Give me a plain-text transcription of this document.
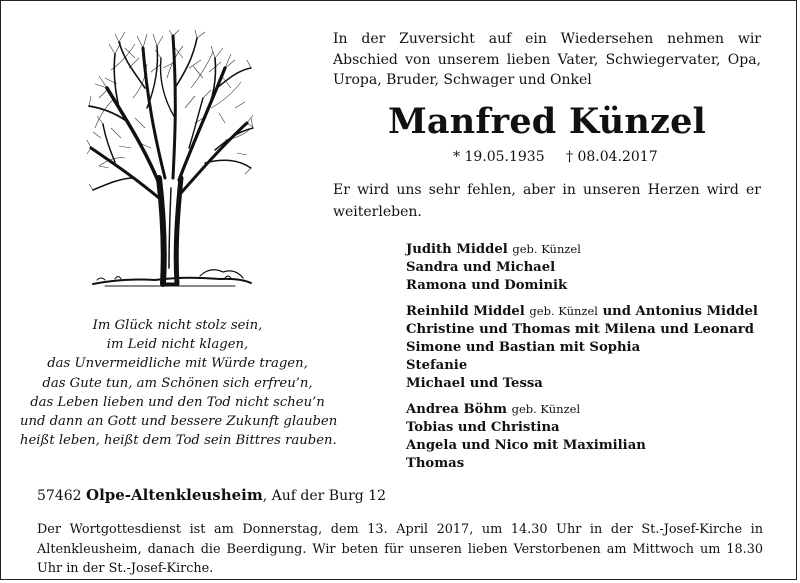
Im Glück nicht stolz sein,
im Leid nicht klagen,
das Unvermeidliche mit Würde tragen,
das Gute tun, am Schönen sich erfreu’n,
das Leben lieben und den Tod nicht scheu’n
und dann an Gott und bessere Zukunft glauben
heißt leben, heißt dem Tod sein Bittres rauben.
In der Zuversicht auf ein Wiedersehen nehmen wir Abschied von unserem lieben Vater, Schwiegervater, Opa, Uropa, Bruder, Schwager und Onkel
Manfred Künzel
* 19.05.1935 † 08.04.2017
Er wird uns sehr fehlen, aber in unseren Herzen wird er weiterleben.
Judith Middel geb. Künzel
Sandra und Michael
Ramona und Dominik
Reinhild Middel geb. Künzel und Antonius Middel
Christine und Thomas mit Milena und Leonard
Simone und Bastian mit Sophia
Stefanie
Michael und Tessa
Andrea Böhm geb. Künzel
Tobias und Christina
Angela und Nico mit Maximilian
Thomas
57462 Olpe-Altenkleusheim, Auf der Burg 12
Der Wortgottesdienst ist am Donnerstag, dem 13. April 2017, um 14.30 Uhr in der St.-Josef-Kirche in Altenkleusheim, danach die Beerdigung. Wir beten für unseren lieben Verstorbenen am Mittwoch um 18.30 Uhr in der St.-Josef-Kirche.
